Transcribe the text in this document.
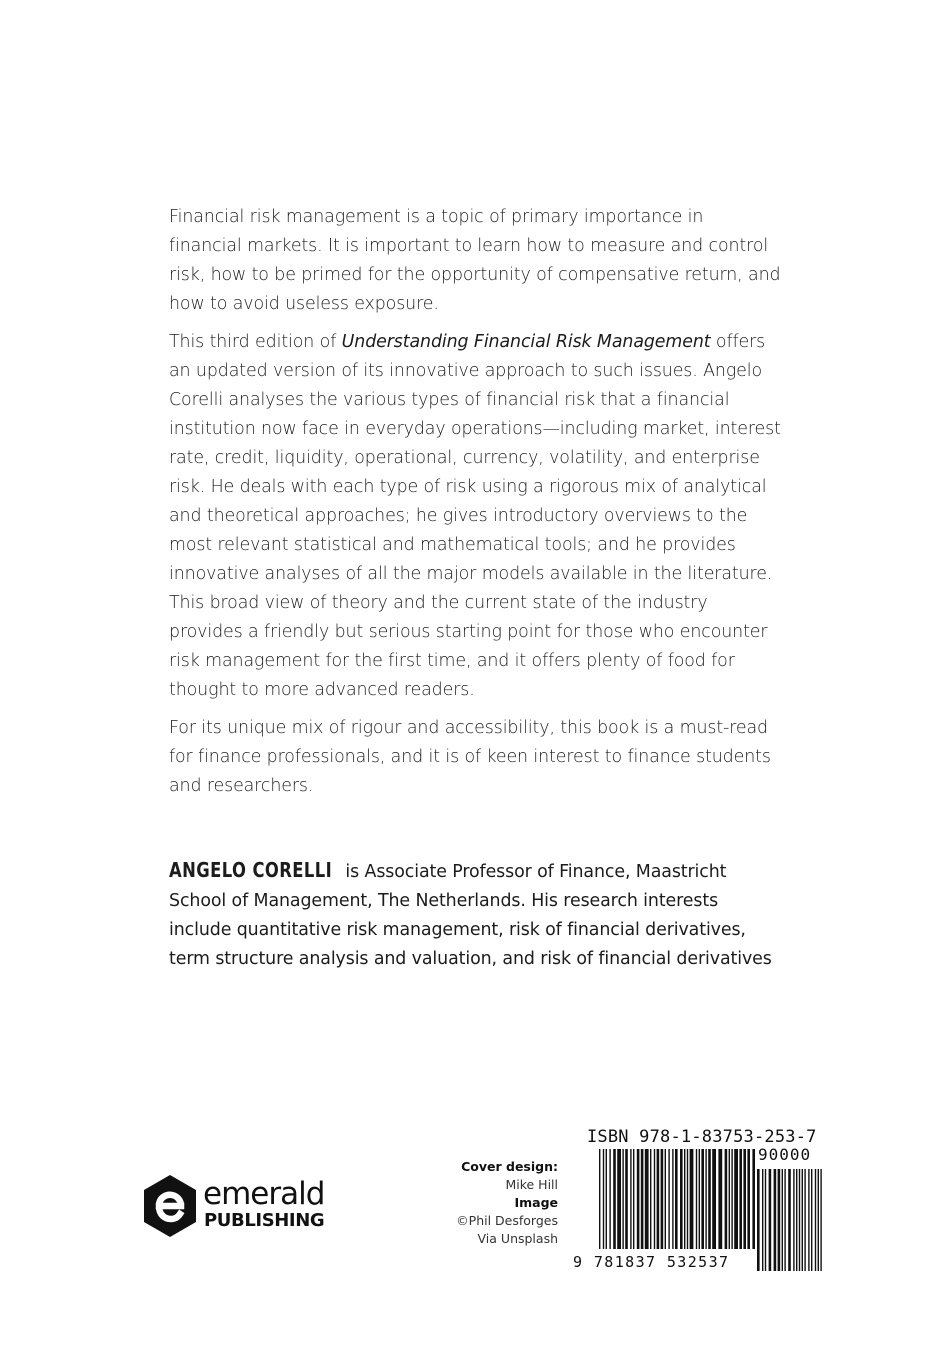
Financial risk management is a topic of primary importance in financial markets. It is important to learn how to measure and control risk, how to be primed for the opportunity of compensative return, and how to avoid useless exposure.

This third edition of Understanding Financial Risk Management offers an updated version of its innovative approach to such issues. Angelo Corelli analyses the various types of financial risk that a financial institution now face in everyday operations—including market, interest rate, credit, liquidity, operational, currency, volatility, and enterprise risk. He deals with each type of risk using a rigorous mix of analytical and theoretical approaches; he gives introductory overviews to the most relevant statistical and mathematical tools; and he provides innovative analyses of all the major models available in the literature. This broad view of theory and the current state of the industry provides a friendly but serious starting point for those who encounter risk management for the first time, and it offers plenty of food for thought to more advanced readers.

For its unique mix of rigour and accessibility, this book is a must-read for finance professionals, and it is of keen interest to finance students and researchers.

ANGELO CORELLI is Associate Professor of Finance, Maastricht School of Management, The Netherlands. His research interests include quantitative risk management, risk of financial derivatives, term structure analysis and valuation, and risk of financial derivatives
emerald
PUBLISHING
Cover design:
Mike Hill
Image
©Phil Desforges
Via Unsplash
ISBN 978-1-83753-253-7
90000
9 781837 532537
